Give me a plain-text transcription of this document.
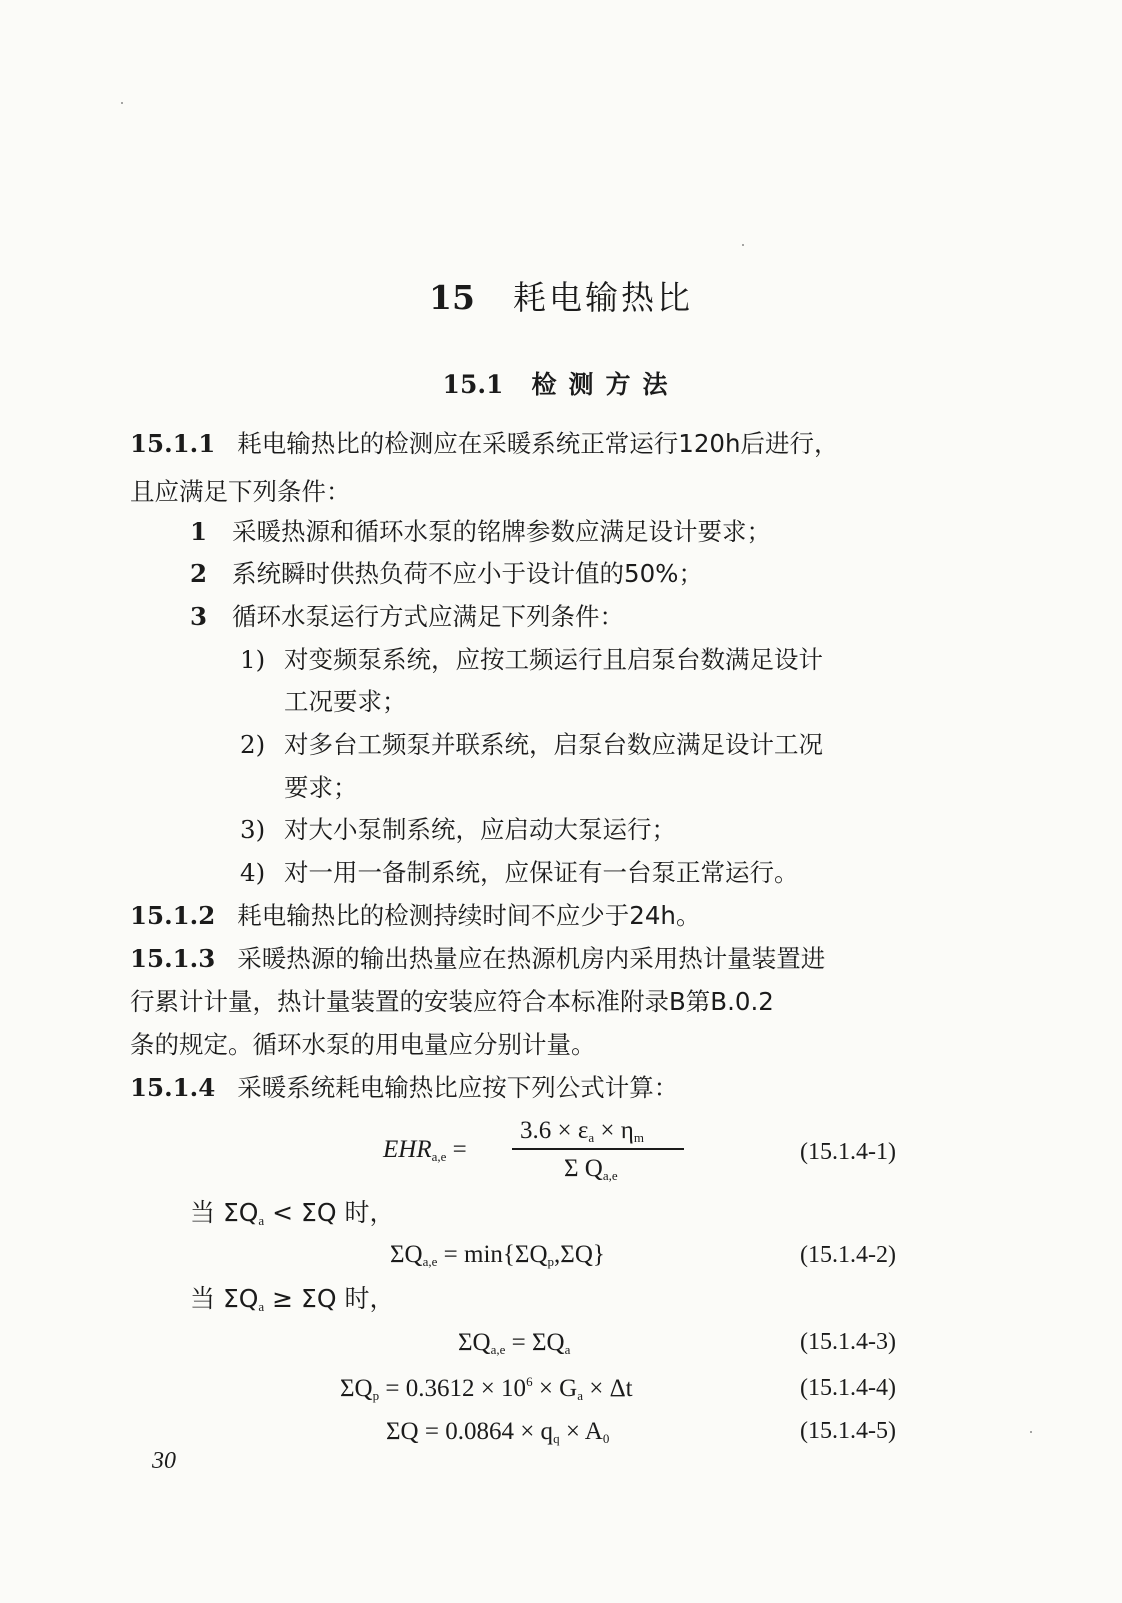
15 耗电输热比
15.1 检测方法
15.1.1 耗电输热比的检测应在采暖系统正常运行120h后进行，
且应满足下列条件：
1 采暖热源和循环水泵的铭牌参数应满足设计要求；
2 系统瞬时供热负荷不应小于设计值的50%；
3 循环水泵运行方式应满足下列条件：
1) 对变频泵系统，应按工频运行且启泵台数满足设计
工况要求；
2) 对多台工频泵并联系统，启泵台数应满足设计工况
要求；
3) 对大小泵制系统，应启动大泵运行；
4) 对一用一备制系统，应保证有一台泵正常运行。
15.1.2 耗电输热比的检测持续时间不应少于24h。
15.1.3 采暖热源的输出热量应在热源机房内采用热计量装置进
行累计计量，热计量装置的安装应符合本标准附录B第B.0.2
条的规定。循环水泵的用电量应分别计量。
15.1.4 采暖系统耗电输热比应按下列公式计算：
$EHR_{a,e}$ =
$3.6 \times \varepsilon_a \times \eta_m$
Σ $Q_{a,e}$
(15.1.4-1)
当 $\Sigma Q_a < \Sigma Q$ 时，
$\Sigma Q_{a,e} = \min\{\Sigma Q_p,\Sigma Q\}$	(15.1.4-2)
当 $\Sigma Q_a \ge \Sigma Q$ 时，
$\Sigma Q_{a,e} = \Sigma Q_a$	(15.1.4-3)
$\Sigma Q_p = 0.3612 \times 10^6 \times G_a \times \Delta t$	(15.1.4-4)
$\Sigma Q = 0.0864 \times q_q \times A_0$	(15.1.4-5)
30
